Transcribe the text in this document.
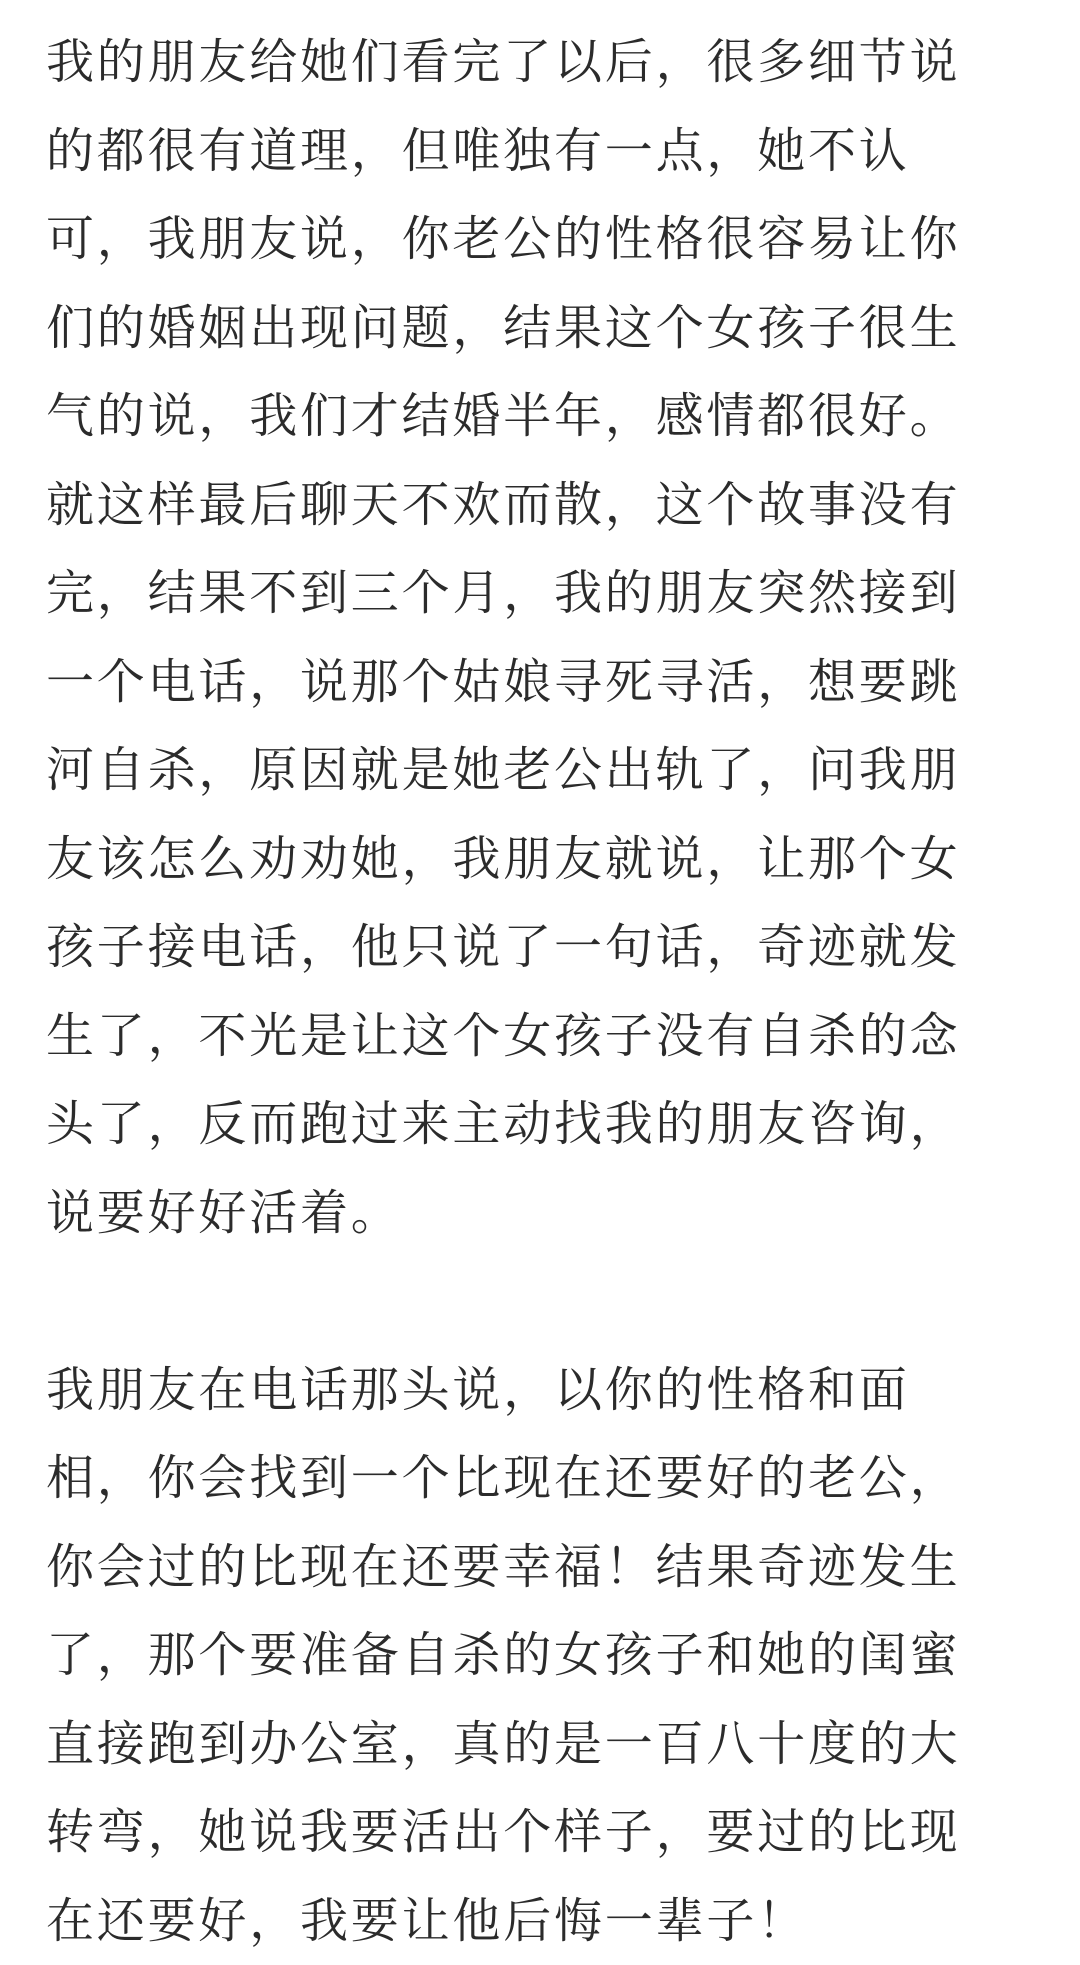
我的朋友给她们看完了以后，很多细节说
的都很有道理，但唯独有一点，她不认
可，我朋友说，你老公的性格很容易让你
们的婚姻出现问题，结果这个女孩子很生
气的说，我们才结婚半年，感情都很好。
就这样最后聊天不欢而散，这个故事没有
完，结果不到三个月，我的朋友突然接到
一个电话，说那个姑娘寻死寻活，想要跳
河自杀，原因就是她老公出轨了，问我朋
友该怎么劝劝她，我朋友就说，让那个女
孩子接电话，他只说了一句话，奇迹就发
生了，不光是让这个女孩子没有自杀的念
头了，反而跑过来主动找我的朋友咨询，
说要好好活着。
我朋友在电话那头说，以你的性格和面
相，你会找到一个比现在还要好的老公，
你会过的比现在还要幸福！结果奇迹发生
了，那个要准备自杀的女孩子和她的闺蜜
直接跑到办公室，真的是一百八十度的大
转弯，她说我要活出个样子，要过的比现
在还要好，我要让他后悔一辈子！
